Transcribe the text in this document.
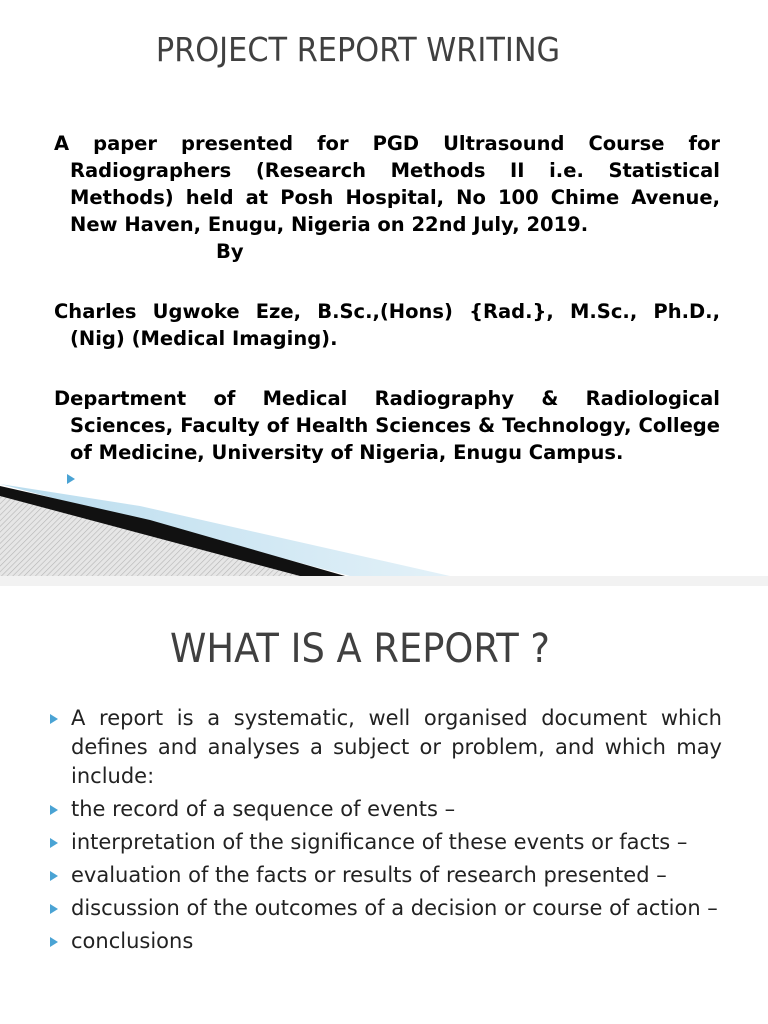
PROJECT REPORT WRITING
A paper presented for PGD Ultrasound Course for Radiographers (Research Methods II i.e. Statistical Methods) held at Posh Hospital, No 100 Chime Avenue, New Haven, Enugu, Nigeria on 22nd July, 2019.
By
Charles Ugwoke Eze, B.Sc.,(Hons) {Rad.}, M.Sc., Ph.D., (Nig) (Medical Imaging).
Department of Medical Radiography & Radiological Sciences, Faculty of Health Sciences & Technology, College of Medicine, University of Nigeria, Enugu Campus.
WHAT IS A REPORT ?
A report is a systematic, well organised document which defines and analyses a subject or problem, and which may include:
the record of a sequence of events –
interpretation of the significance of these events or facts –
evaluation of the facts or results of research presented –
discussion of the outcomes of a decision or course of action –
conclusions
